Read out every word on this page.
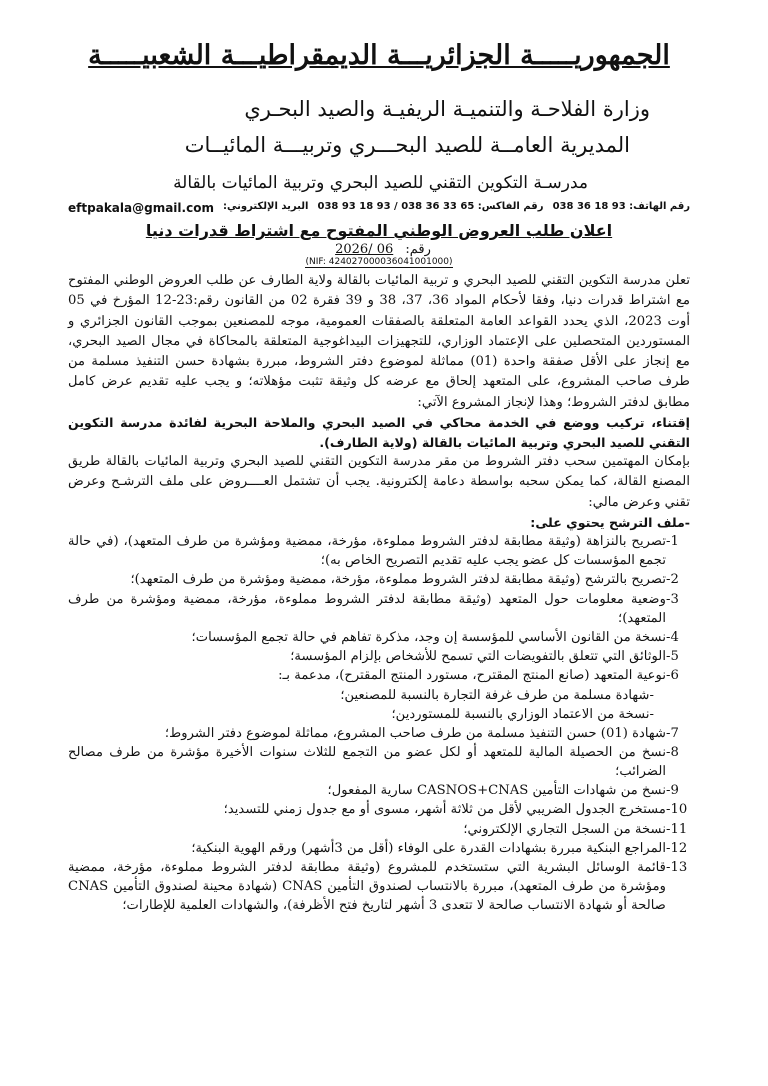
الجمهوريـــــة الجزائريـــة الديمقراطيـــة الشعبيـــــة
وزارة الفلاحـة والتنميـة الريفيـة والصيد البحـري
المديرية العامــة للصيد البحـــري وتربيـــة المائيــات
مدرسـة التكوين التقني للصيد البحري وتربية المائيات بالقالة
رقم الهاتف: 93 18 36 038
رقم الفاكس: 65 33 36 038 / 93 18 93 038
البريد الإلكتروني:
eftpakala@gmail.com
اعلان طلب العروض الوطني المفتوح مع اشتراط قدرات دنيا
رقم: 2026/ 06
(NIF: 424027000036041001000)

تعلن مدرسة التكوين التقني للصيد البحري و تربية المائيات بالقالة ولاية الطارف عن طلب العروض الوطني المفتوح مع اشتراط قدرات دنيا، وفقا لأحكام المواد 36، 37، 38 و 39 فقرة 02 من القانون رقم:23-12 المؤرخ في 05 أوت 2023، الذي يحدد القواعد العامة المتعلقة بالصفقات العمومية، موجه للمصنعين بموجب القانون الجزائري و المستوردين المتحصلين على الإعتماد الوزاري، للتجهيزات البيداغوجية المتعلقة بالمحاكاة في مجال الصيد البحري، مع إنجاز على الأقل صفقة واحدة (01) مماثلة لموضوع دفتر الشروط، مبررة بشهادة حسن التنفيذ مسلمة من طرف صاحب المشروع، على المتعهد إلحاق مع عرضه كل وثيقة تثبت مؤهلاته؛ و يجب عليه تقديم عرض كامل مطابق لدفتر الشروط؛ وهذا لإنجاز المشروع الآتي:

إقتناء، تركيب ووضع في الخدمة محاكي في الصيد البحري والملاحة البحرية لفائدة مدرسة التكوين التقني للصيد البحري وتربية المائيات بالقالة (ولاية الطارف).

بإمكان المهتمين سحب دفتر الشروط من مقر مدرسة التكوين التقني للصيد البحري وتربية المائيات بالقالة طريق المصنع القالة، كما يمكن سحبه بواسطة دعامة إلكترونية. يجب أن تشتمل العــــروض على ملف الترشـح وعرض تقني وعرض مالي:

-ملف الترشح يحتوي على:

-1
تصريح بالنزاهة (وثيقة مطابقة لدفتر الشروط مملوءة، مؤرخة، ممضية ومؤشرة من طرف المتعهد)، (في حالة تجمع المؤسسات كل عضو يجب عليه تقديم التصريح الخاص به)؛
-2
تصريح بالترشح (وثيقة مطابقة لدفتر الشروط مملوءة، مؤرخة، ممضية ومؤشرة من طرف المتعهد)؛
-3
وضعية معلومات حول المتعهد (وثيقة مطابقة لدفتر الشروط مملوءة، مؤرخة، ممضية ومؤشرة من طرف المتعهد)؛
-4
نسخة من القانون الأساسي للمؤسسة إن وجد، مذكرة تفاهم في حالة تجمع المؤسسات؛
-5
الوثائق التي تتعلق بالتفويضات التي تسمح للأشخاص بإلزام المؤسسة؛
-6
نوعية المتعهد (صانع المنتج المقترح، مستورد المنتج المقترح)، مدعمة بـ:
-شهادة مسلمة من طرف غرفة التجارة بالنسبة للمصنعين؛
-نسخة من الاعتماد الوزاري بالنسبة للمستوردين؛
-7
شهادة (01) حسن التنفيذ مسلمة من طرف صاحب المشروع، مماثلة لموضوع دفتر الشروط؛
-8
نسخ من الحصيلة المالية للمتعهد أو لكل عضو من التجمع للثلاث سنوات الأخيرة مؤشرة من طرف مصالح الضرائب؛
-9
نسخ من شهادات التأمين CASNOS+CNAS سارية المفعول؛
-10
مستخرج الجدول الضريبي لأقل من ثلاثة أشهر، مسوى أو مع جدول زمني للتسديد؛
-11
نسخة من السجل التجاري الإلكتروني؛
-12
المراجع البنكية مبررة بشهادات القدرة على الوفاء (أقل من 3أشهر) ورقم الهوية البنكية؛
-13
قائمة الوسائل البشرية التي ستستخدم للمشروع (وثيقة مطابقة لدفتر الشروط مملوءة، مؤرخة، ممضية ومؤشرة من طرف المتعهد)، مبررة بالانتساب لصندوق التأمين CNAS (شهادة محينة لصندوق التأمين CNAS صالحة أو شهادة الانتساب صالحة لا تتعدى 3 أشهر لتاريخ فتح الأظرفة)، والشهادات العلمية للإطارات؛
